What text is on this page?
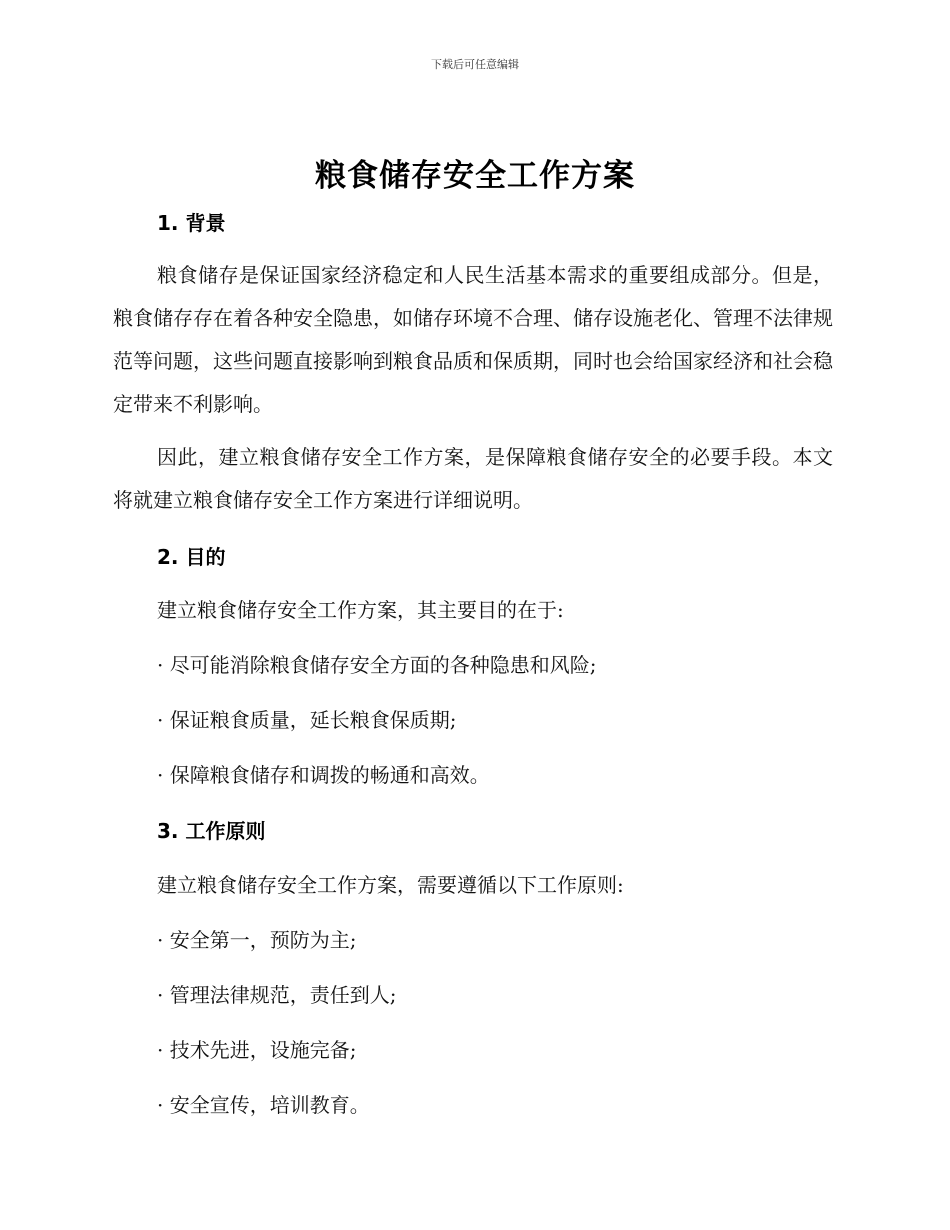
下载后可任意编辑
粮食储存安全工作方案
1. 背景

粮食储存是保证国家经济稳定和人民生活基本需求的重要组成部分。但是，粮食储存存在着各种安全隐患，如储存环境不合理、储存设施老化、管理不法律规范等问题，这些问题直接影响到粮食品质和保质期，同时也会给国家经济和社会稳定带来不利影响。

因此，建立粮食储存安全工作方案，是保障粮食储存安全的必要手段。本文将就建立粮食储存安全工作方案进行详细说明。

2. 目的
建立粮食储存安全工作方案，其主要目的在于:
· 尽可能消除粮食储存安全方面的各种隐患和风险;
· 保证粮食质量，延长粮食保质期;
· 保障粮食储存和调拨的畅通和高效。
3. 工作原则
建立粮食储存安全工作方案，需要遵循以下工作原则:
· 安全第一，预防为主;
· 管理法律规范，责任到人;
· 技术先进，设施完备;
· 安全宣传，培训教育。
